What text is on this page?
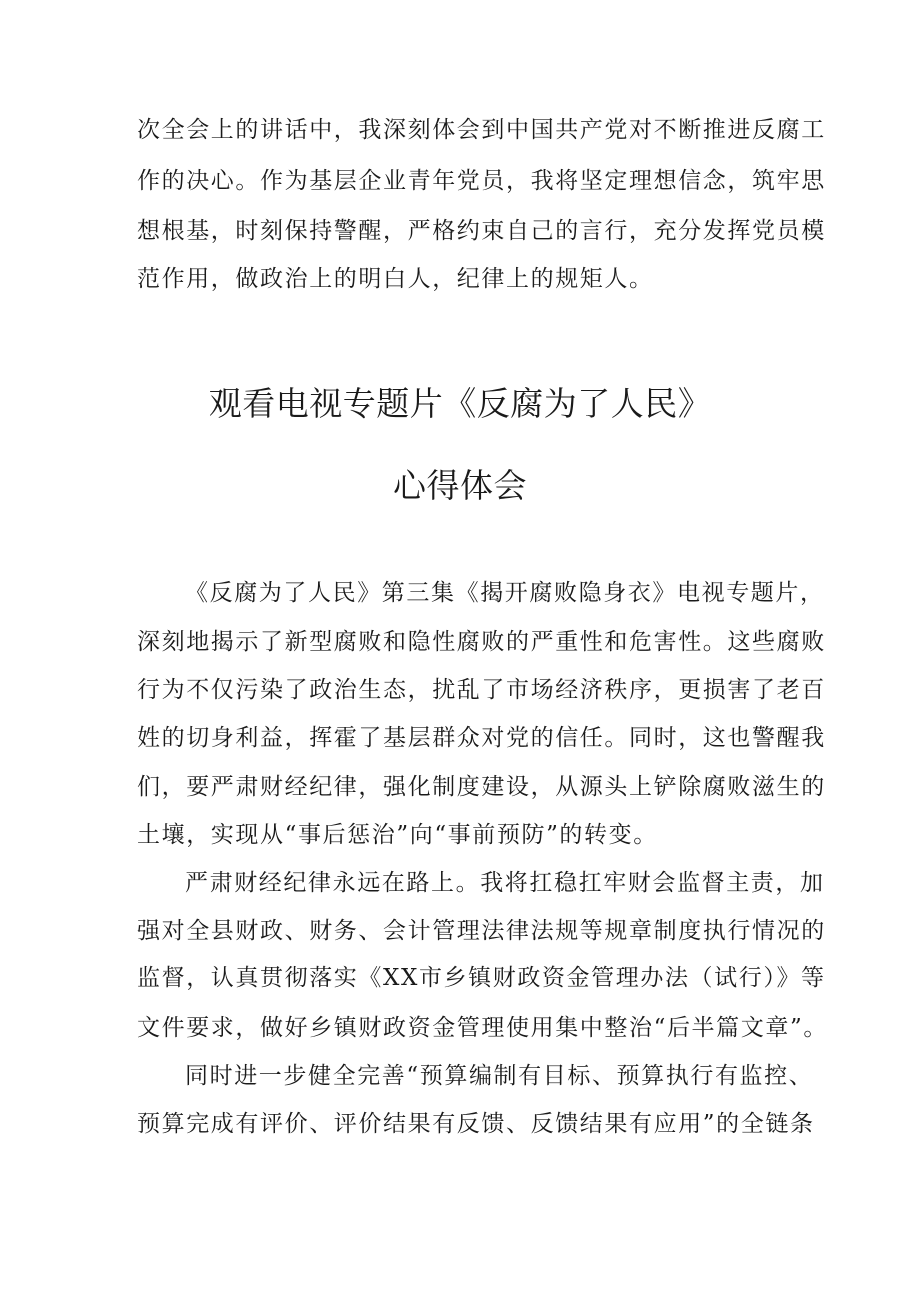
次全会上的讲话中，我深刻体会到中国共产党对不断推进反腐工
作的决心。作为基层企业青年党员，我将坚定理想信念，筑牢思
想根基，时刻保持警醒，严格约束自己的言行，充分发挥党员模
范作用，做政治上的明白人，纪律上的规矩人。
观看电视专题片《反腐为了人民》
心得体会
《反腐为了人民》第三集《揭开腐败隐身衣》电视专题片，
深刻地揭示了新型腐败和隐性腐败的严重性和危害性。这些腐败
行为不仅污染了政治生态，扰乱了市场经济秩序，更损害了老百
姓的切身利益，挥霍了基层群众对党的信任。同时，这也警醒我
们，要严肃财经纪律，强化制度建设，从源头上铲除腐败滋生的
土壤，实现从“事后惩治”向“事前预防”的转变。
严肃财经纪律永远在路上。我将扛稳扛牢财会监督主责，加
强对全县财政、财务、会计管理法律法规等规章制度执行情况的
监督，认真贯彻落实《XX市乡镇财政资金管理办法（试行）》等
文件要求，做好乡镇财政资金管理使用集中整治“后半篇文章”。
同时进一步健全完善“预算编制有目标、预算执行有监控、
预算完成有评价、评价结果有反馈、反馈结果有应用”的全链条
